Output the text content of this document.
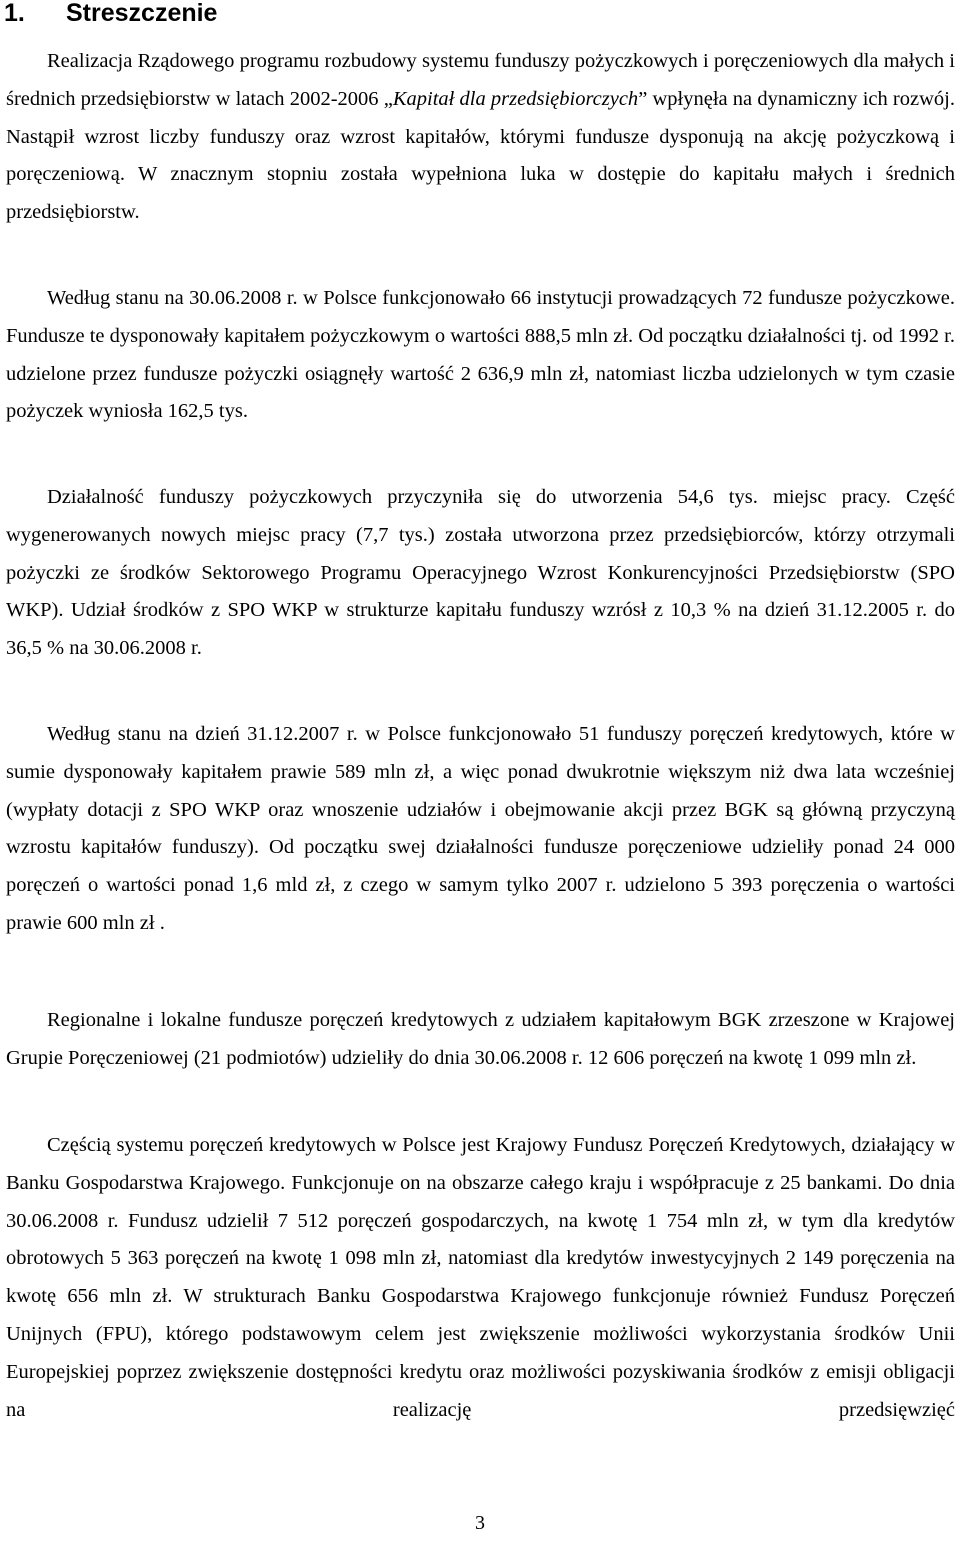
1. Streszczenie

Realizacja Rządowego programu rozbudowy systemu funduszy pożyczkowych i poręczeniowych dla małych i średnich przedsiębiorstw w latach 2002-2006 „Kapitał dla przedsiębiorczych” wpłynęła na dynamiczny ich rozwój. Nastąpił wzrost liczby funduszy oraz wzrost kapitałów, którymi fundusze dysponują na akcję pożyczkową i poręczeniową. W znacznym stopniu została wypełniona luka w dostępie do kapitału małych i średnich przedsiębiorstw.

Według stanu na 30.06.2008 r. w Polsce funkcjonowało 66 instytucji prowadzących 72 fundusze pożyczkowe. Fundusze te dysponowały kapitałem pożyczkowym o wartości 888,5 mln zł. Od początku działalności tj. od 1992 r. udzielone przez fundusze pożyczki osiągnęły wartość 2 636,9 mln zł, natomiast liczba udzielonych w tym czasie pożyczek wyniosła 162,5 tys.

Działalność funduszy pożyczkowych przyczyniła się do utworzenia 54,6 tys. miejsc pracy. Część wygenerowanych nowych miejsc pracy (7,7 tys.) została utworzona przez przedsiębiorców, którzy otrzymali pożyczki ze środków Sektorowego Programu Operacyjnego Wzrost Konkurencyjności Przedsiębiorstw (SPO WKP). Udział środków z SPO WKP w strukturze kapitału funduszy wzrósł z 10,3 % na dzień 31.12.2005 r. do 36,5 % na 30.06.2008 r.

Według stanu na dzień 31.12.2007 r. w Polsce funkcjonowało 51 funduszy poręczeń kredytowych, które w sumie dysponowały kapitałem prawie 589 mln zł, a więc ponad dwukrotnie większym niż dwa lata wcześniej (wypłaty dotacji z SPO WKP oraz wnoszenie udziałów i obejmowanie akcji przez BGK są główną przyczyną wzrostu kapitałów funduszy). Od początku swej działalności fundusze poręczeniowe udzieliły ponad 24 000 poręczeń o wartości ponad 1,6 mld zł, z czego w samym tylko 2007 r. udzielono 5 393 poręczenia o wartości prawie 600 mln zł .

Regionalne i lokalne fundusze poręczeń kredytowych z udziałem kapitałowym BGK zrzeszone w Krajowej Grupie Poręczeniowej (21 podmiotów) udzieliły do dnia 30.06.2008 r. 12 606 poręczeń na kwotę 1 099 mln zł.

Częścią systemu poręczeń kredytowych w Polsce jest Krajowy Fundusz Poręczeń Kredytowych, działający w Banku Gospodarstwa Krajowego. Funkcjonuje on na obszarze całego kraju i współpracuje z 25 bankami. Do dnia 30.06.2008 r. Fundusz udzielił 7 512 poręczeń gospodarczych, na kwotę 1 754 mln zł, w tym dla kredytów obrotowych 5 363 poręczeń na kwotę 1 098 mln zł, natomiast dla kredytów inwestycyjnych 2 149 poręczenia na kwotę 656 mln zł. W strukturach Banku Gospodarstwa Krajowego funkcjonuje również Fundusz Poręczeń Unijnych (FPU), którego podstawowym celem jest zwiększenie możliwości wykorzystania środków Unii Europejskiej poprzez zwiększenie dostępności kredytu oraz możliwości pozyskiwania środków z emisji obligacji na realizację przedsięwzięć

3
